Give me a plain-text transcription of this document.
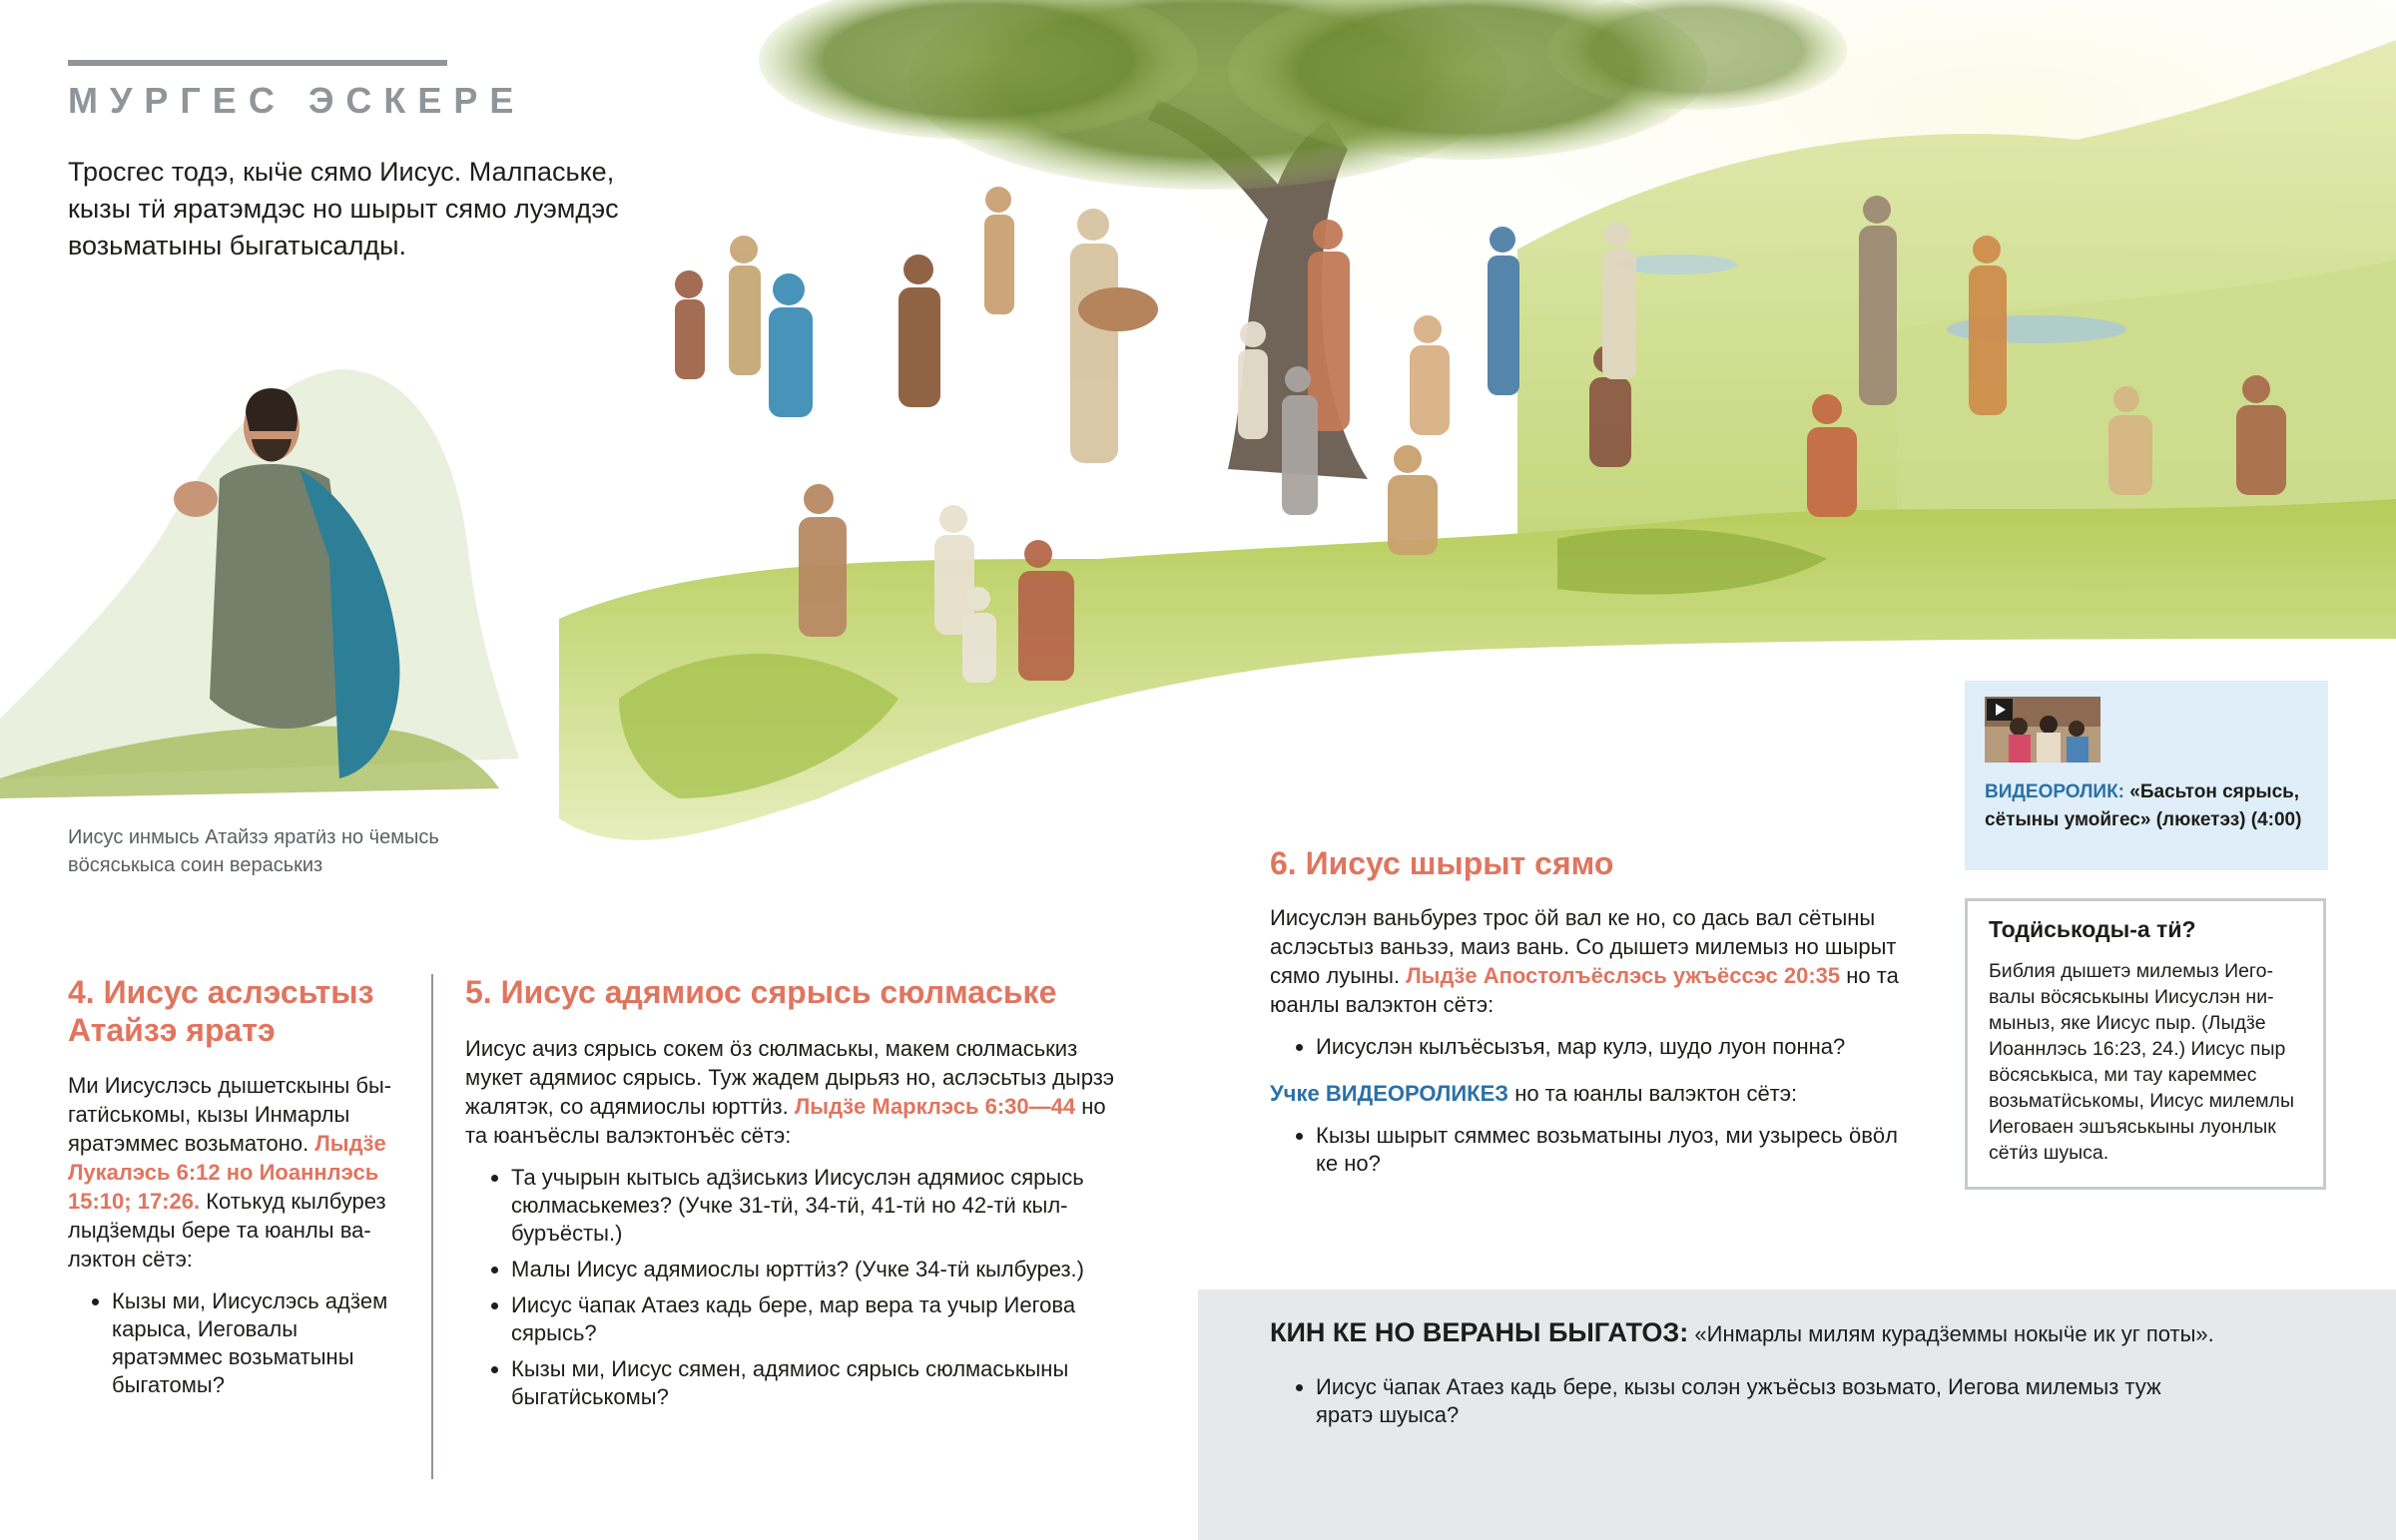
МУРГЕС ЭСКЕРЕ
Тросгес тодэ, кыӵе сямо Иисус. Малпаське, кызы тӥ яратэмдэс но шырыт сямо луэмдэс возьматыны быгатысалды.
Иисус инмысь Атайзэ яратӥз но ӵемысь вӧсяськыса соин вераськиз
ВИДЕОРОЛИК: «Басьтон сярысь, сётыны умойгес» (люкетэз) (4:00)
4. Иисус аслэсьтыз Атайзэ яратэ
Ми Иисуслэсь дышетскыны быгатӥськомы, кызы Инмарлы яратэммес возьматоно. Лыдӟе Лукалэсь 6:12 но Иоаннлэсь 15:10; 17:26. Котькуд кылбурез лыдӟемды бере та юанлы валэктон сётэ:
• Кызы ми, Иисуслэсь адӟем карыса, Иеговалы яратэммес возьматыны быгатомы?
5. Иисус адямиос сярысь сюлмаське
Иисус ачиз сярысь сокем ӧз сюлмаськы, макем сюлмаськиз мукет адямиос сярысь. Туж жадем дырьяз но, аслэсьтыз дырзэ жалятэк, со адямиослы юрттӥз. Лыдӟе Марклэсь 6:30—44 но та юанъёслы валэктонъёс сётэ:
• Та учырын кытысь адӟиськиз Иисуслэн адямиос сярысь сюлмаськемез? (Учке 31-тӥ, 34-тӥ, 41-тӥ но 42-тӥ кылбуръёсты.)
• Малы Иисус адямиослы юрттӥз? (Учке 34-тӥ кылбурез.)
• Иисус ӵапак Атаез кадь бере, мар вера та учыр Иегова сярысь?
• Кызы ми, Иисус сямен, адямиос сярысь сюлмаськыны быгатӥськомы?
6. Иисус шырыт сямо
Иисуслэн ваньбурез трос ӧй вал ке но, со дась вал сётыны аслэсьтыз ваньзэ, маиз вань. Со дышетэ милемыз но шырыт сямо луыны. Лыдӟе Апостолъёслэсь ужъёссэс 20:35 но та юанлы валэктон сётэ:
• Иисуслэн кылъёсызъя, мар кулэ, шудо луон понна?
Учке ВИДЕОРОЛИКЕЗ но та юанлы валэктон сётэ:
• Кызы шырыт сяммес возьматыны луоз, ми узыресь ӧвӧл ке но?
Тодӥськоды-а тӥ?
Библия дышетэ милемыз Иеговалы вӧсяськыны Иисуслэн нимыныз, яке Иисус пыр. (Лыдӟе Иоаннлэсь 16:23, 24.) Иисус пыр вӧсяськыса, ми тау кареммес возьматӥськомы, Иисус милемлы Иеговаен эшъяськыны луонлык сётӥз шуыса.
КИН КЕ НО ВЕРАНЫ БЫГАТОЗ: «Инмарлы милям курадӟеммы нокыӵе ик уг поты».
• Иисус ӵапак Атаез кадь бере, кызы солэн ужъёсыз возьмато, Иегова милемыз туж яратэ шуыса?
